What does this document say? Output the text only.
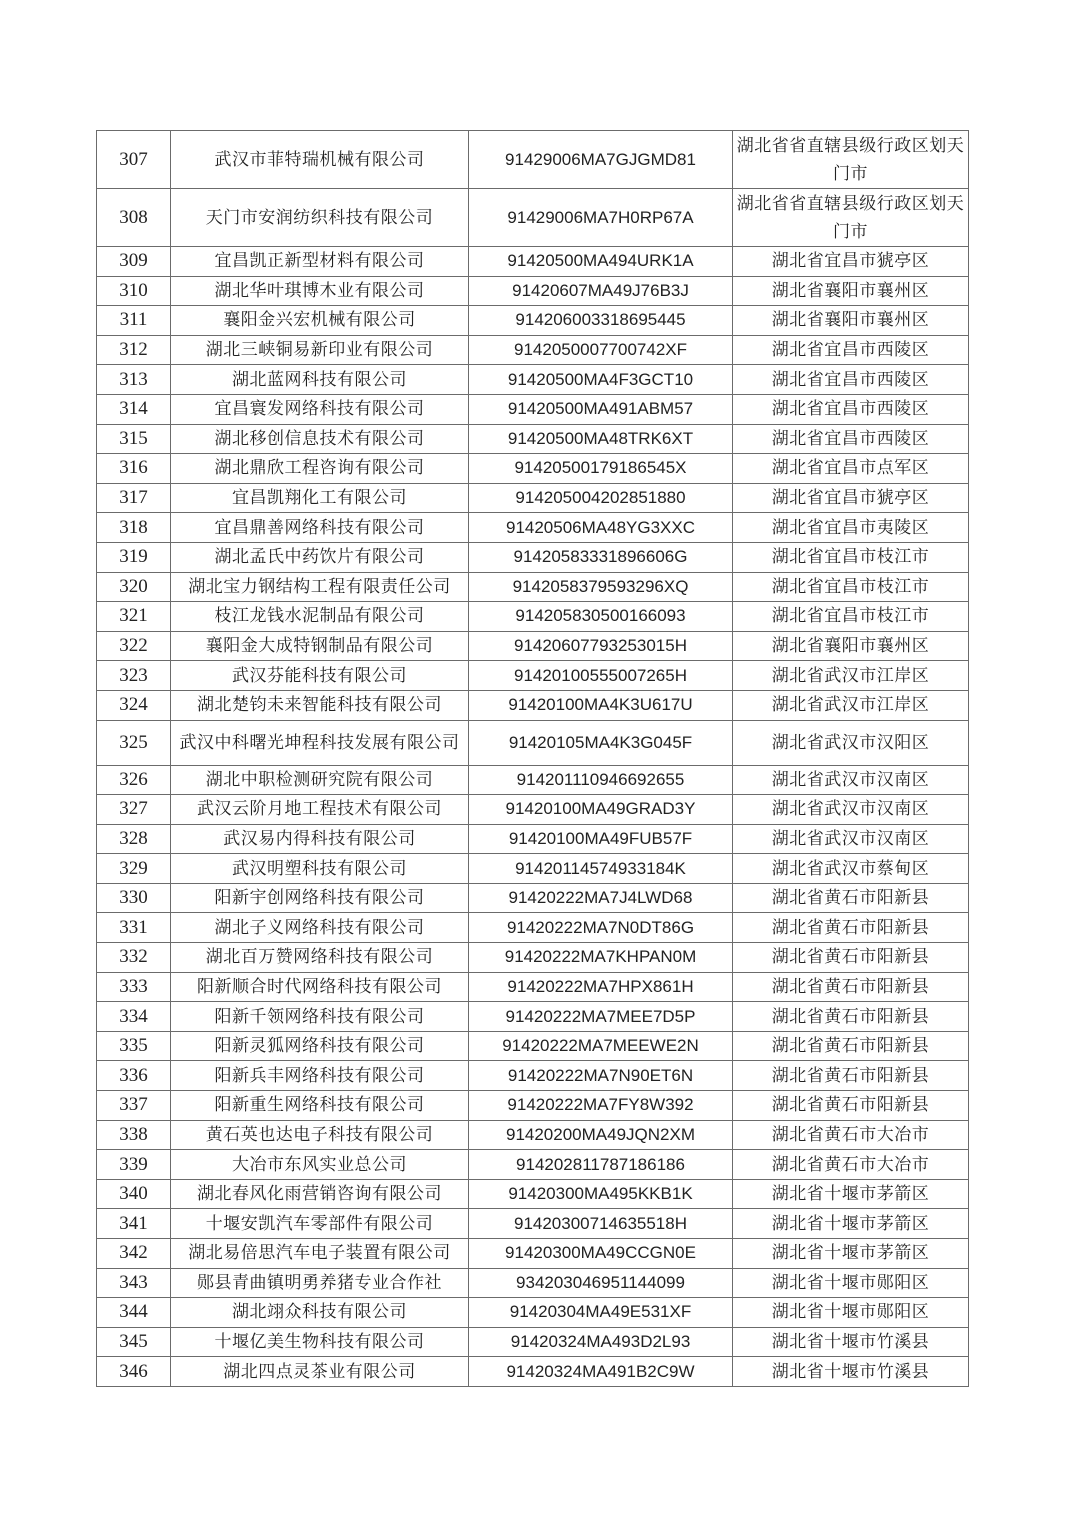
307	武汉市菲特瑞机械有限公司	91429006MA7GJGMD81	湖北省省直辖县级行政区划天门市
308	天门市安润纺织科技有限公司	91429006MA7H0RP67A	湖北省省直辖县级行政区划天门市
309	宜昌凯正新型材料有限公司	91420500MA494URK1A	湖北省宜昌市猇亭区
310	湖北华叶琪博木业有限公司	91420607MA49J76B3J	湖北省襄阳市襄州区
311	襄阳金兴宏机械有限公司	914206003318695445	湖北省襄阳市襄州区
312	湖北三峡铜易新印业有限公司	9142050007700742XF	湖北省宜昌市西陵区
313	湖北蓝网科技有限公司	91420500MA4F3GCT10	湖北省宜昌市西陵区
314	宜昌寰发网络科技有限公司	91420500MA491ABM57	湖北省宜昌市西陵区
315	湖北移创信息技术有限公司	91420500MA48TRK6XT	湖北省宜昌市西陵区
316	湖北鼎欣工程咨询有限公司	91420500179186545X	湖北省宜昌市点军区
317	宜昌凯翔化工有限公司	914205004202851880	湖北省宜昌市猇亭区
318	宜昌鼎善网络科技有限公司	91420506MA48YG3XXC	湖北省宜昌市夷陵区
319	湖北孟氏中药饮片有限公司	91420583331896606G	湖北省宜昌市枝江市
320	湖北宝力钢结构工程有限责任公司	9142058379593296XQ	湖北省宜昌市枝江市
321	枝江龙钱水泥制品有限公司	914205830500166093	湖北省宜昌市枝江市
322	襄阳金大成特钢制品有限公司	91420607793253015H	湖北省襄阳市襄州区
323	武汉芬能科技有限公司	91420100555007265H	湖北省武汉市江岸区
324	湖北楚钧未来智能科技有限公司	91420100MA4K3U617U	湖北省武汉市江岸区
325	武汉中科曙光坤程科技发展有限公司	91420105MA4K3G045F	湖北省武汉市汉阳区
326	湖北中职检测研究院有限公司	914201110946692655	湖北省武汉市汉南区
327	武汉云阶月地工程技术有限公司	91420100MA49GRAD3Y	湖北省武汉市汉南区
328	武汉易内得科技有限公司	91420100MA49FUB57F	湖北省武汉市汉南区
329	武汉明塑科技有限公司	91420114574933184K	湖北省武汉市蔡甸区
330	阳新宇创网络科技有限公司	91420222MA7J4LWD68	湖北省黄石市阳新县
331	湖北子义网络科技有限公司	91420222MA7N0DT86G	湖北省黄石市阳新县
332	湖北百万赞网络科技有限公司	91420222MA7KHPAN0M	湖北省黄石市阳新县
333	阳新顺合时代网络科技有限公司	91420222MA7HPX861H	湖北省黄石市阳新县
334	阳新千领网络科技有限公司	91420222MA7MEE7D5P	湖北省黄石市阳新县
335	阳新灵狐网络科技有限公司	91420222MA7MEEWE2N	湖北省黄石市阳新县
336	阳新兵丰网络科技有限公司	91420222MA7N90ET6N	湖北省黄石市阳新县
337	阳新重生网络科技有限公司	91420222MA7FY8W392	湖北省黄石市阳新县
338	黄石英也达电子科技有限公司	91420200MA49JQN2XM	湖北省黄石市大冶市
339	大冶市东风实业总公司	914202811787186186	湖北省黄石市大冶市
340	湖北春风化雨营销咨询有限公司	91420300MA495KKB1K	湖北省十堰市茅箭区
341	十堰安凯汽车零部件有限公司	91420300714635518H	湖北省十堰市茅箭区
342	湖北易倍思汽车电子装置有限公司	91420300MA49CCGN0E	湖北省十堰市茅箭区
343	郧县青曲镇明勇养猪专业合作社	934203046951144099	湖北省十堰市郧阳区
344	湖北翊众科技有限公司	91420304MA49E531XF	湖北省十堰市郧阳区
345	十堰亿美生物科技有限公司	91420324MA493D2L93	湖北省十堰市竹溪县
346	湖北四点灵茶业有限公司	91420324MA491B2C9W	湖北省十堰市竹溪县
